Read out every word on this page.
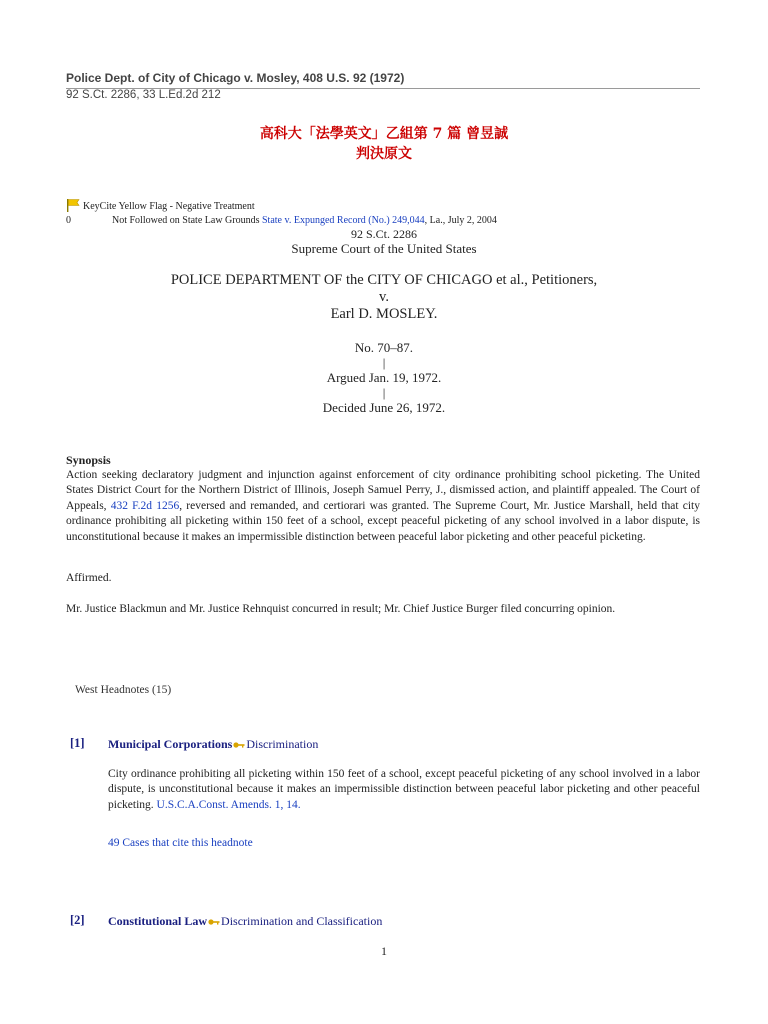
Police Dept. of City of Chicago v. Mosley, 408 U.S. 92 (1972)
92 S.Ct. 2286, 33 L.Ed.2d 212
高科大「法學英文」乙組第 7 篇 曾昱誠
判決原文
KeyCite Yellow Flag - Negative Treatment
0	Not Followed on State Law Grounds State v. Expunged Record (No.) 249,044, La., July 2, 2004
92 S.Ct. 2286
Supreme Court of the United States
POLICE DEPARTMENT OF the CITY OF CHICAGO et al., Petitioners,
v.
Earl D. MOSLEY.
No. 70–87.
|
Argued Jan. 19, 1972.
|
Decided June 26, 1972.
Synopsis
Action seeking declaratory judgment and injunction against enforcement of city ordinance prohibiting school picketing. The United States District Court for the Northern District of Illinois, Joseph Samuel Perry, J., dismissed action, and plaintiff appealed. The Court of Appeals, 432 F.2d 1256, reversed and remanded, and certiorari was granted. The Supreme Court, Mr. Justice Marshall, held that city ordinance prohibiting all picketing within 150 feet of a school, except peaceful picketing of any school involved in a labor dispute, is unconstitutional because it makes an impermissible distinction between peaceful labor picketing and other peaceful picketing.
Affirmed.
Mr. Justice Blackmun and Mr. Justice Rehnquist concurred in result; Mr. Chief Justice Burger filed concurring opinion.
West Headnotes (15)
[1] Municipal Corporations Discrimination
City ordinance prohibiting all picketing within 150 feet of a school, except peaceful picketing of any school involved in a labor dispute, is unconstitutional because it makes an impermissible distinction between peaceful labor picketing and other peaceful picketing. U.S.C.A.Const. Amends. 1, 14.
49 Cases that cite this headnote
[2] Constitutional Law Discrimination and Classification
1
